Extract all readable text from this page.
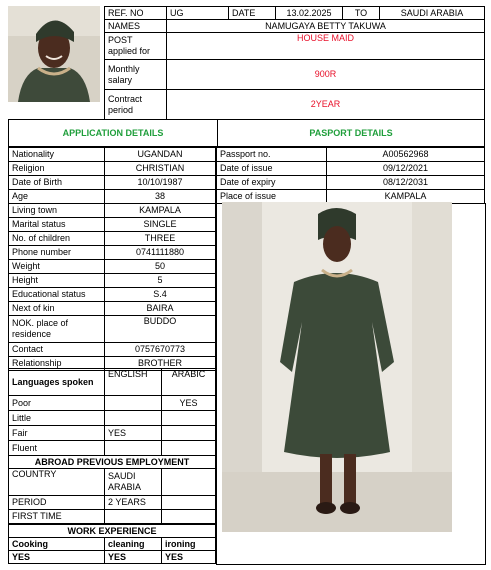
REF. NO	UG	DATE	13.02.2025	TO	SAUDI ARABIA
NAMES	NAMUGAYA BETTY TAKUWA				
POST applied for	HOUSE MAID				
Monthly salary	900R				
Contract period	2YEAR				
APPLICATION DETAILS	PASPORT DETAILS
Nationality	UGANDAN
Religion	CHRISTIAN
Date of Birth	10/10/1987
Age	38
Living town	KAMPALA
Marital status	SINGLE
No. of children	THREE
Phone number	0741111880
Weight	50
Height	5
Educational status	S.4
Next of kin	BAIRA
NOK. place of residence	BUDDO
Contact	0757670773
Relationship	BROTHER
Passport no.	A00562968
Date of issue	09/12/2021
Date of expiry	08/12/2031
Place of issue	KAMPALA
Languages spoken	ENGLISH	ARABIC
Poor		YES
Little		
Fair	YES	
Fluent		
ABROAD PREVIOUS EMPLOYMENT		
COUNTRY	SAUDI ARABIA	
PERIOD	2 YEARS	
FIRST TIME		
WORK EXPERIENCE		
Cooking	cleaning	ironing
YES	YES	YES
